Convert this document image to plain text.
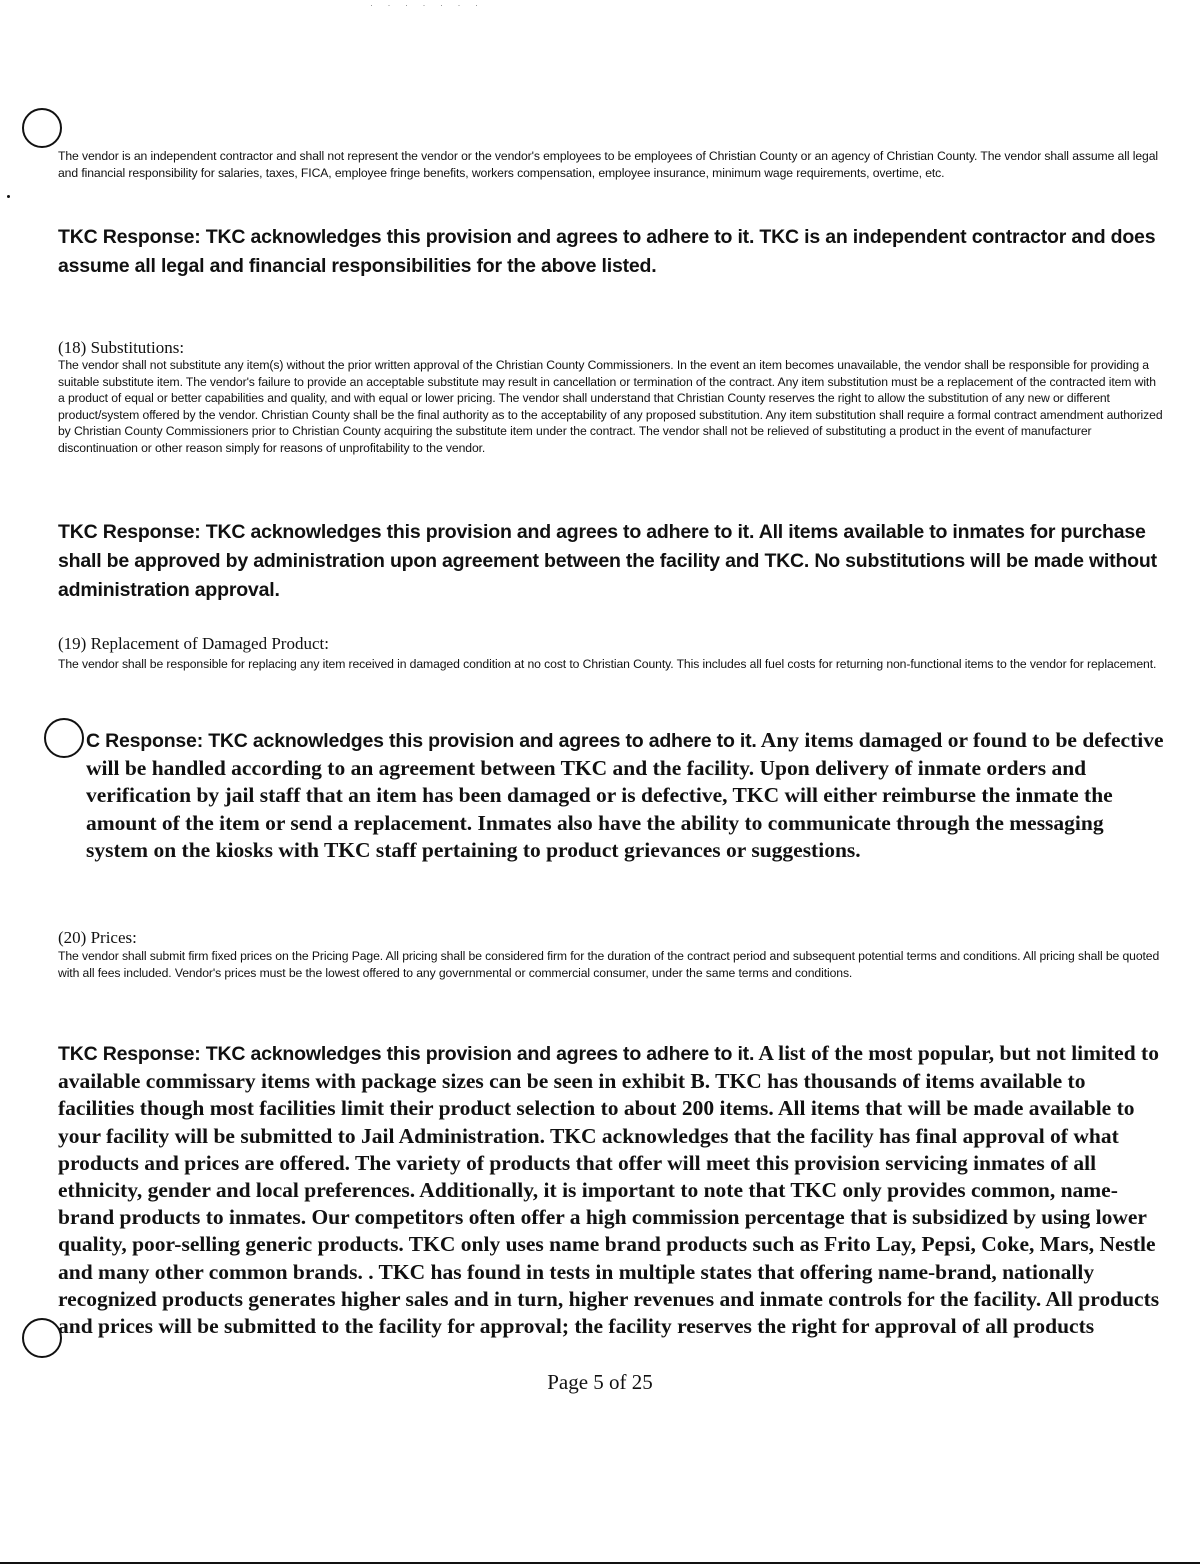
· · · · · · ·

The vendor is an independent contractor and shall not represent the vendor or the vendor's employees to be employees of Christian County or an agency of Christian County. The vendor shall assume all legal and financial responsibility for salaries, taxes, FICA, employee fringe benefits, workers compensation, employee insurance, minimum wage requirements, overtime, etc.

TKC Response: TKC acknowledges this provision and agrees to adhere to it. TKC is an independent contractor and does assume all legal and financial responsibilities for the above listed.

(18) Substitutions:

The vendor shall not substitute any item(s) without the prior written approval of the Christian County Commissioners. In the event an item becomes unavailable, the vendor shall be responsible for providing a suitable substitute item. The vendor's failure to provide an acceptable substitute may result in cancellation or termination of the contract. Any item substitution must be a replacement of the contracted item with a product of equal or better capabilities and quality, and with equal or lower pricing. The vendor shall understand that Christian County reserves the right to allow the substitution of any new or different product/system offered by the vendor. Christian County shall be the final authority as to the acceptability of any proposed substitution. Any item substitution shall require a formal contract amendment authorized by Christian County Commissioners prior to Christian County acquiring the substitute item under the contract. The vendor shall not be relieved of substituting a product in the event of manufacturer discontinuation or other reason simply for reasons of unprofitability to the vendor.

TKC Response: TKC acknowledges this provision and agrees to adhere to it. All items available to inmates for purchase shall be approved by administration upon agreement between the facility and TKC. No substitutions will be made without administration approval.

(19) Replacement of Damaged Product:

The vendor shall be responsible for replacing any item received in damaged condition at no cost to Christian County. This includes all fuel costs for returning non-functional items to the vendor for replacement.

C Response: TKC acknowledges this provision and agrees to adhere to it. Any items damaged or found to be defective will be handled according to an agreement between TKC and the facility. Upon delivery of inmate orders and verification by jail staff that an item has been damaged or is defective, TKC will either reimburse the inmate the amount of the item or send a replacement. Inmates also have the ability to communicate through the messaging system on the kiosks with TKC staff pertaining to product grievances or suggestions.

(20) Prices:

The vendor shall submit firm fixed prices on the Pricing Page. All pricing shall be considered firm for the duration of the contract period and subsequent potential terms and conditions. All pricing shall be quoted with all fees included. Vendor's prices must be the lowest offered to any governmental or commercial consumer, under the same terms and conditions.

TKC Response: TKC acknowledges this provision and agrees to adhere to it. A list of the most popular, but not limited to available commissary items with package sizes can be seen in exhibit B. TKC has thousands of items available to facilities though most facilities limit their product selection to about 200 items. All items that will be made available to your facility will be submitted to Jail Administration. TKC acknowledges that the facility has final approval of what products and prices are offered. The variety of products that offer will meet this provision servicing inmates of all ethnicity, gender and local preferences. Additionally, it is important to note that TKC only provides common, name-brand products to inmates. Our competitors often offer a high commission percentage that is subsidized by using lower quality, poor-selling generic products. TKC only uses name brand products such as Frito Lay, Pepsi, Coke, Mars, Nestle and many other common brands. . TKC has found in tests in multiple states that offering name-brand, nationally recognized products generates higher sales and in turn, higher revenues and inmate controls for the facility. All products and prices will be submitted to the facility for approval; the facility reserves the right for approval of all products

Page 5 of 25
